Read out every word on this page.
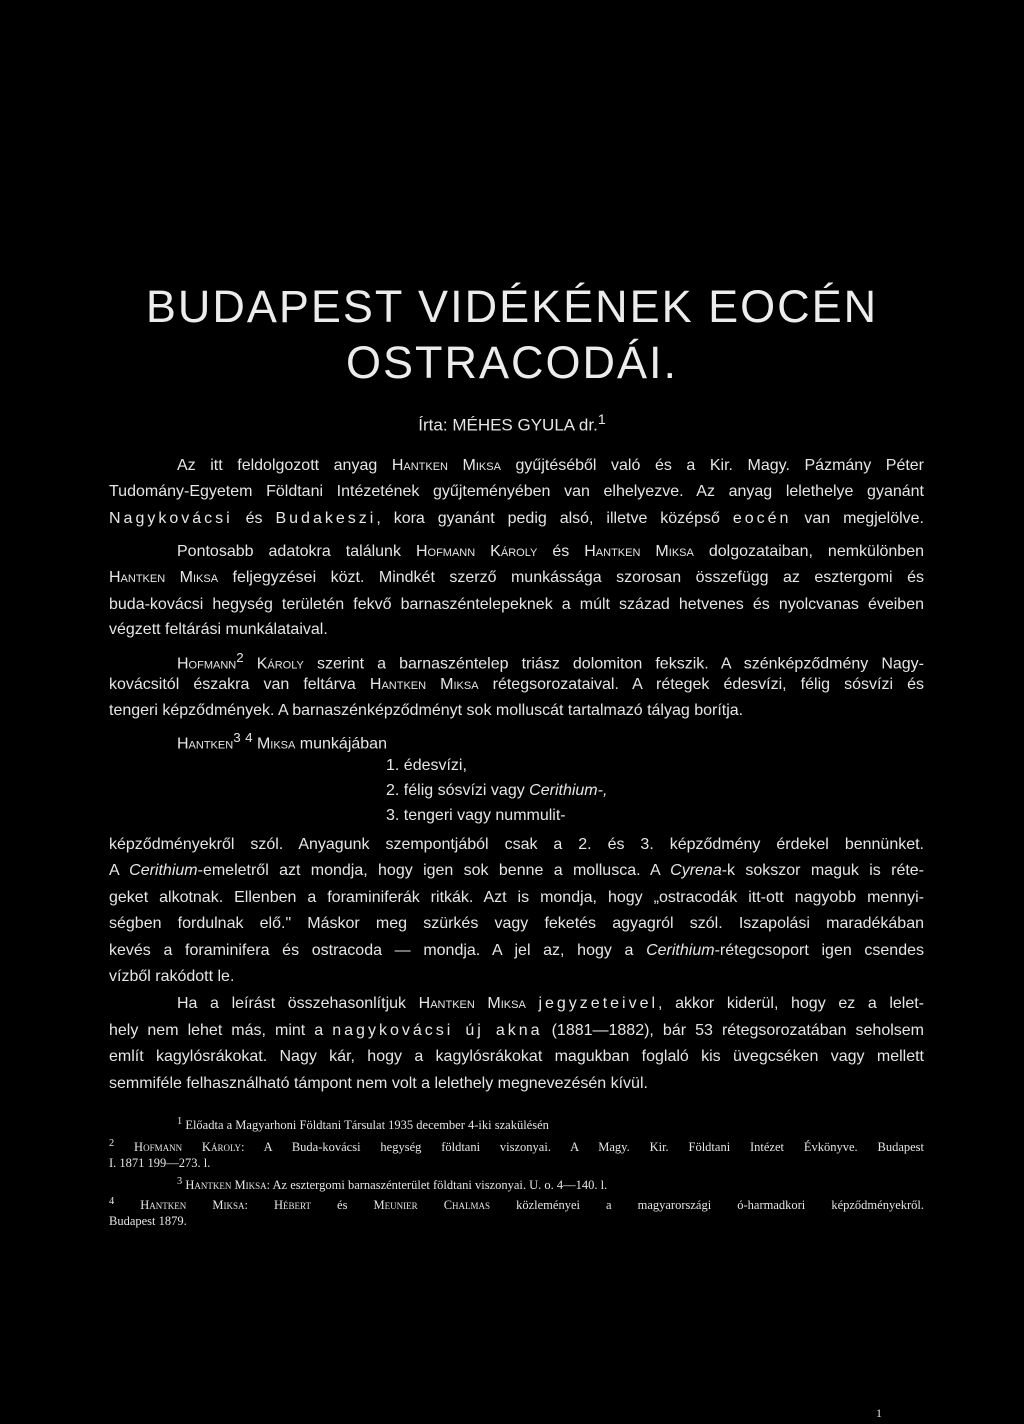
BUDAPEST VIDÉKÉNEK EOCÉN
OSTRACODÁI.
Írta: MÉHES GYULA dr.$^1$

Az itt feldolgozott anyag Hantken Miksa gyűjtéséből való és a Kir. Magy. Pázmány Péter

Tudomány-Egyetem Földtani Intézetének gyűjteményében van elhelyezve. Az anyag lelethelye gyanánt

Nagykovácsi és Budakeszi, kora gyanánt pedig alsó, illetve középső eocén van megjelölve.

Pontosabb adatokra találunk Hofmann Károly és Hantken Miksa dolgozataiban, nemkülönben

Hantken Miksa feljegyzései közt. Mindkét szerző munkássága szorosan összefügg az esztergomi és

buda-kovácsi hegység területén fekvő barnaszéntelepeknek a múlt század hetvenes és nyolcvanas éveiben

végzett feltárási munkálataival.

Hofmann$^2$ Károly szerint a barnaszéntelep triász dolomiton fekszik. A szénképződmény Nagy-

kovácsitól északra van feltárva Hantken Miksa rétegsorozataival. A rétegek édesvízi, félig sósvízi és

tengeri képződmények. A barnaszénképződményt sok molluscát tartalmazó tályag borítja.

Hantken$^3$ $^4$ Miksa munkájában

1. édesvízi,

2. félig sósvízi vagy Cerithium-,

3. tengeri vagy nummulit-

képződményekről szól. Anyagunk szempontjából csak a 2. és 3. képződmény érdekel bennünket.

A Cerithium-emeletről azt mondja, hogy igen sok benne a mollusca. A Cyrena-k sokszor maguk is réte-

geket alkotnak. Ellenben a foraminiferák ritkák. Azt is mondja, hogy „ostracodák itt-ott nagyobb mennyi-

ségben fordulnak elő." Máskor meg szürkés vagy feketés agyagról szól. Iszapolási maradékában

kevés a foraminifera és ostracoda — mondja. A jel az, hogy a Cerithium-rétegcsoport igen csendes

vízből rakódott le.

Ha a leírást összehasonlítjuk Hantken Miksa jegyzeteivel, akkor kiderül, hogy ez a lelet-

hely nem lehet más, mint a nagykovácsi új akna (1881—1882), bár 53 rétegsorozatában seholsem

említ kagylósrákokat. Nagy kár, hogy a kagylósrákokat magukban foglaló kis üvegcséken vagy mellett

semmiféle felhasználható támpont nem volt a lelethely megnevezésén kívül.

$^1$ Előadta a Magyarhoni Földtani Társulat 1935 december 4-iki szakülésén

$^2$ Hofmann Károly: A Buda-kovácsi hegység földtani viszonyai. A Magy. Kir. Földtani Intézet Évkönyve. Budapest

I. 1871 199—273. l.

$^3$ Hantken Miksa: Az esztergomi barnaszénterület földtani viszonyai. U. o. 4—140. l.

$^4$ Hantken Miksa: Hébert és Meunier Chalmas közleményei a magyarországi ó-harmadkori képződményekről.

Budapest 1879.

1
